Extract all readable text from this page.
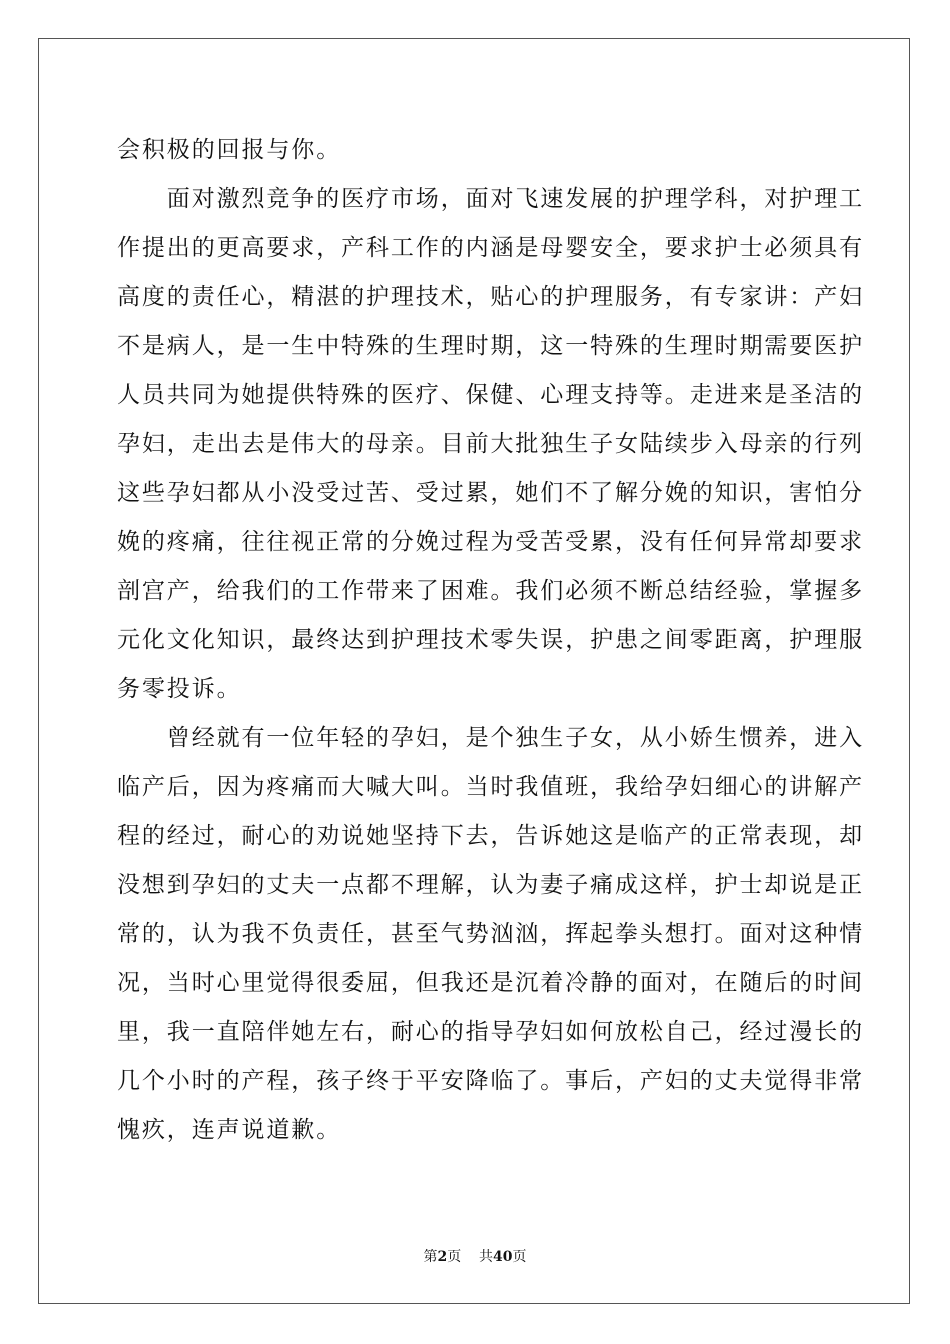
会积极的回报与你。
　　面对激烈竞争的医疗市场，面对飞速发展的护理学科，对护理工
作提出的更高要求，产科工作的内涵是母婴安全，要求护士必须具有
高度的责任心，精湛的护理技术，贴心的护理服务，有专家讲：产妇
不是病人，是一生中特殊的生理时期，这一特殊的生理时期需要医护
人员共同为她提供特殊的医疗、保健、心理支持等。走进来是圣洁的
孕妇，走出去是伟大的母亲。目前大批独生子女陆续步入母亲的行列
这些孕妇都从小没受过苦、受过累，她们不了解分娩的知识，害怕分
娩的疼痛，往往视正常的分娩过程为受苦受累，没有任何异常却要求
剖宫产，给我们的工作带来了困难。我们必须不断总结经验，掌握多
元化文化知识，最终达到护理技术零失误，护患之间零距离，护理服
务零投诉。
　　曾经就有一位年轻的孕妇，是个独生子女，从小娇生惯养，进入
临产后，因为疼痛而大喊大叫。当时我值班，我给孕妇细心的讲解产
程的经过，耐心的劝说她坚持下去，告诉她这是临产的正常表现，却
没想到孕妇的丈夫一点都不理解，认为妻子痛成这样，护士却说是正
常的，认为我不负责任，甚至气势汹汹，挥起拳头想打。面对这种情
况，当时心里觉得很委屈，但我还是沉着冷静的面对，在随后的时间
里，我一直陪伴她左右，耐心的指导孕妇如何放松自己，经过漫长的
几个小时的产程，孩子终于平安降临了。事后，产妇的丈夫觉得非常
愧疚，连声说道歉。
第2页 共40页
